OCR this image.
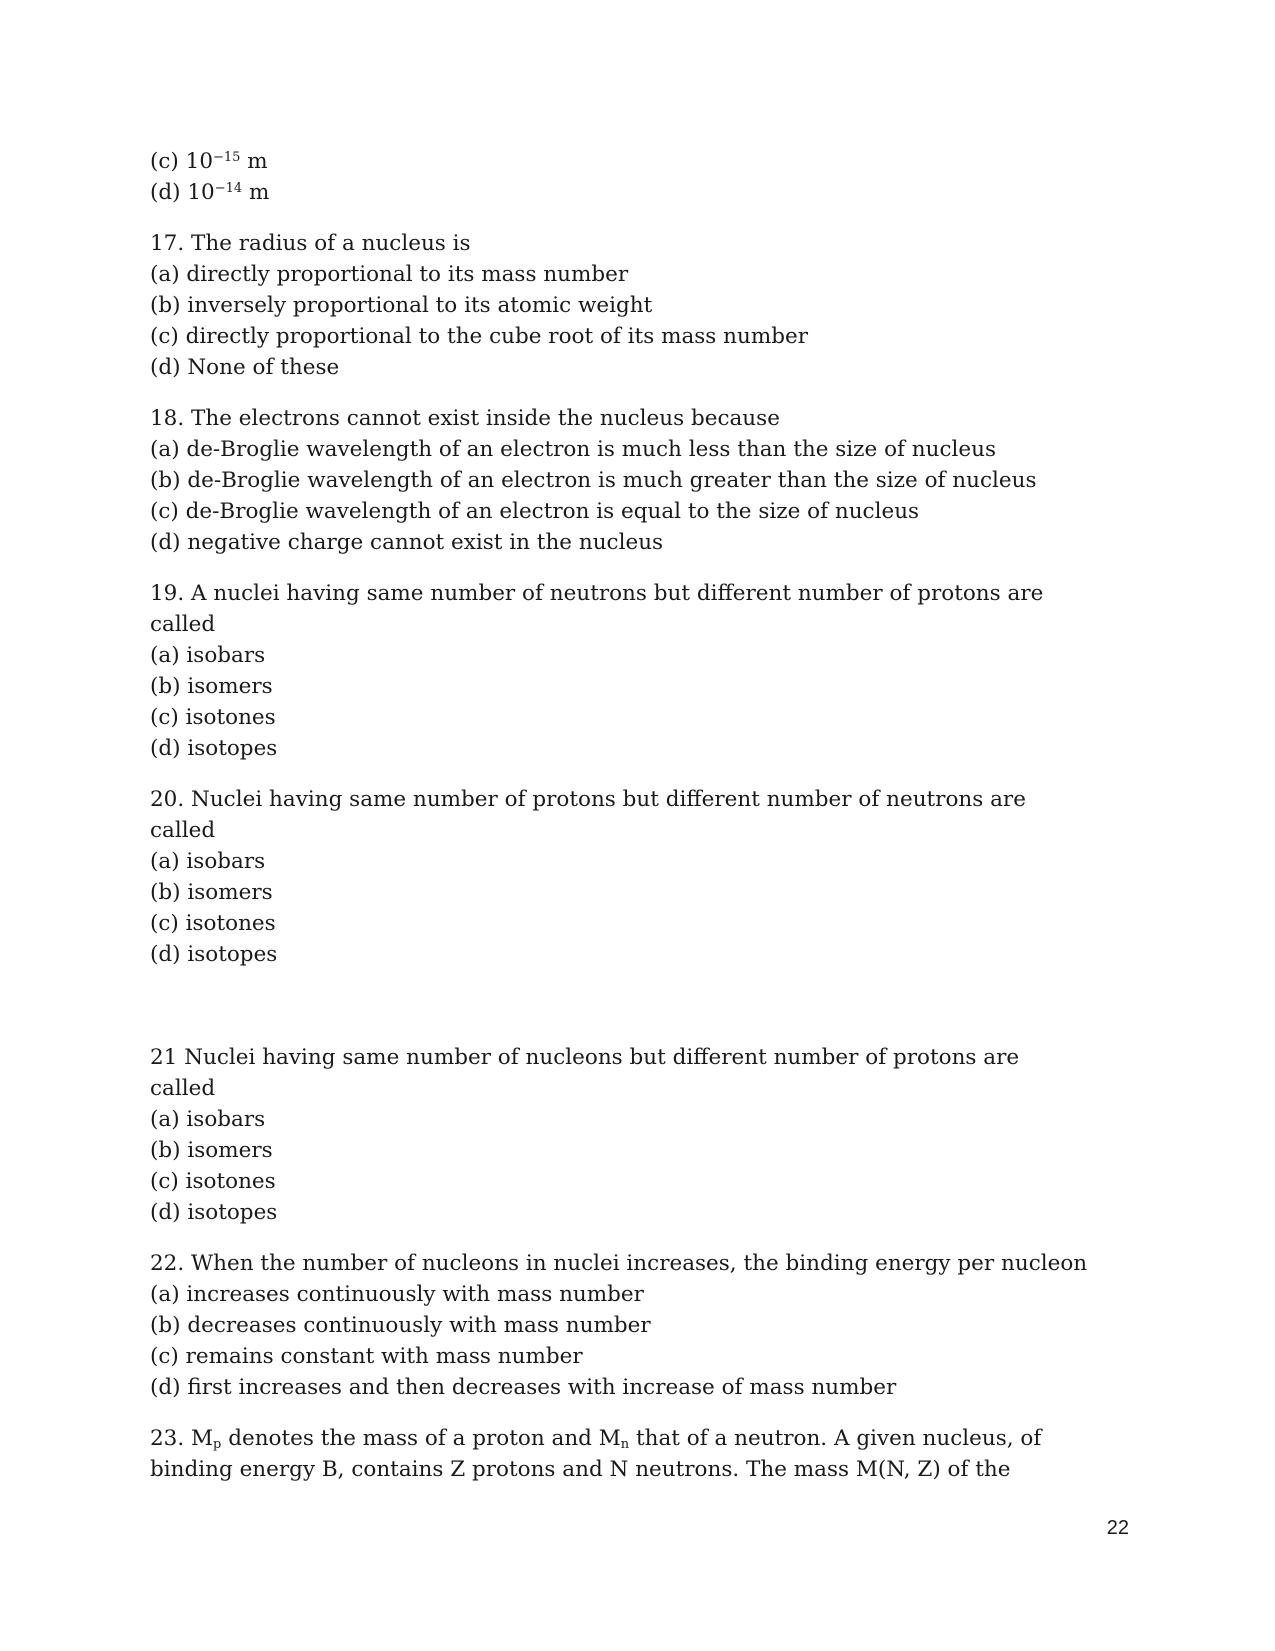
(c) $10^{-15}$ m
(d) $10^{-14}$ m
17. The radius of a nucleus is
(a) directly proportional to its mass number
(b) inversely proportional to its atomic weight
(c) directly proportional to the cube root of its mass number
(d) None of these
18. The electrons cannot exist inside the nucleus because
(a) de-Broglie wavelength of an electron is much less than the size of nucleus
(b) de-Broglie wavelength of an electron is much greater than the size of nucleus
(c) de-Broglie wavelength of an electron is equal to the size of nucleus
(d) negative charge cannot exist in the nucleus
19. A nuclei having same number of neutrons but different number of protons are
called
(a) isobars
(b) isomers
(c) isotones
(d) isotopes
20. Nuclei having same number of protons but different number of neutrons are
called
(a) isobars
(b) isomers
(c) isotones
(d) isotopes
21 Nuclei having same number of nucleons but different number of protons are
called
(a) isobars
(b) isomers
(c) isotones
(d) isotopes
22. When the number of nucleons in nuclei increases, the binding energy per nucleon
(a) increases continuously with mass number
(b) decreases continuously with mass number
(c) remains constant with mass number
(d) first increases and then decreases with increase of mass number
23. $M_p$ denotes the mass of a proton and $M_n$ that of a neutron. A given nucleus, of
binding energy B, contains Z protons and N neutrons. The mass M(N, Z) of the
22
